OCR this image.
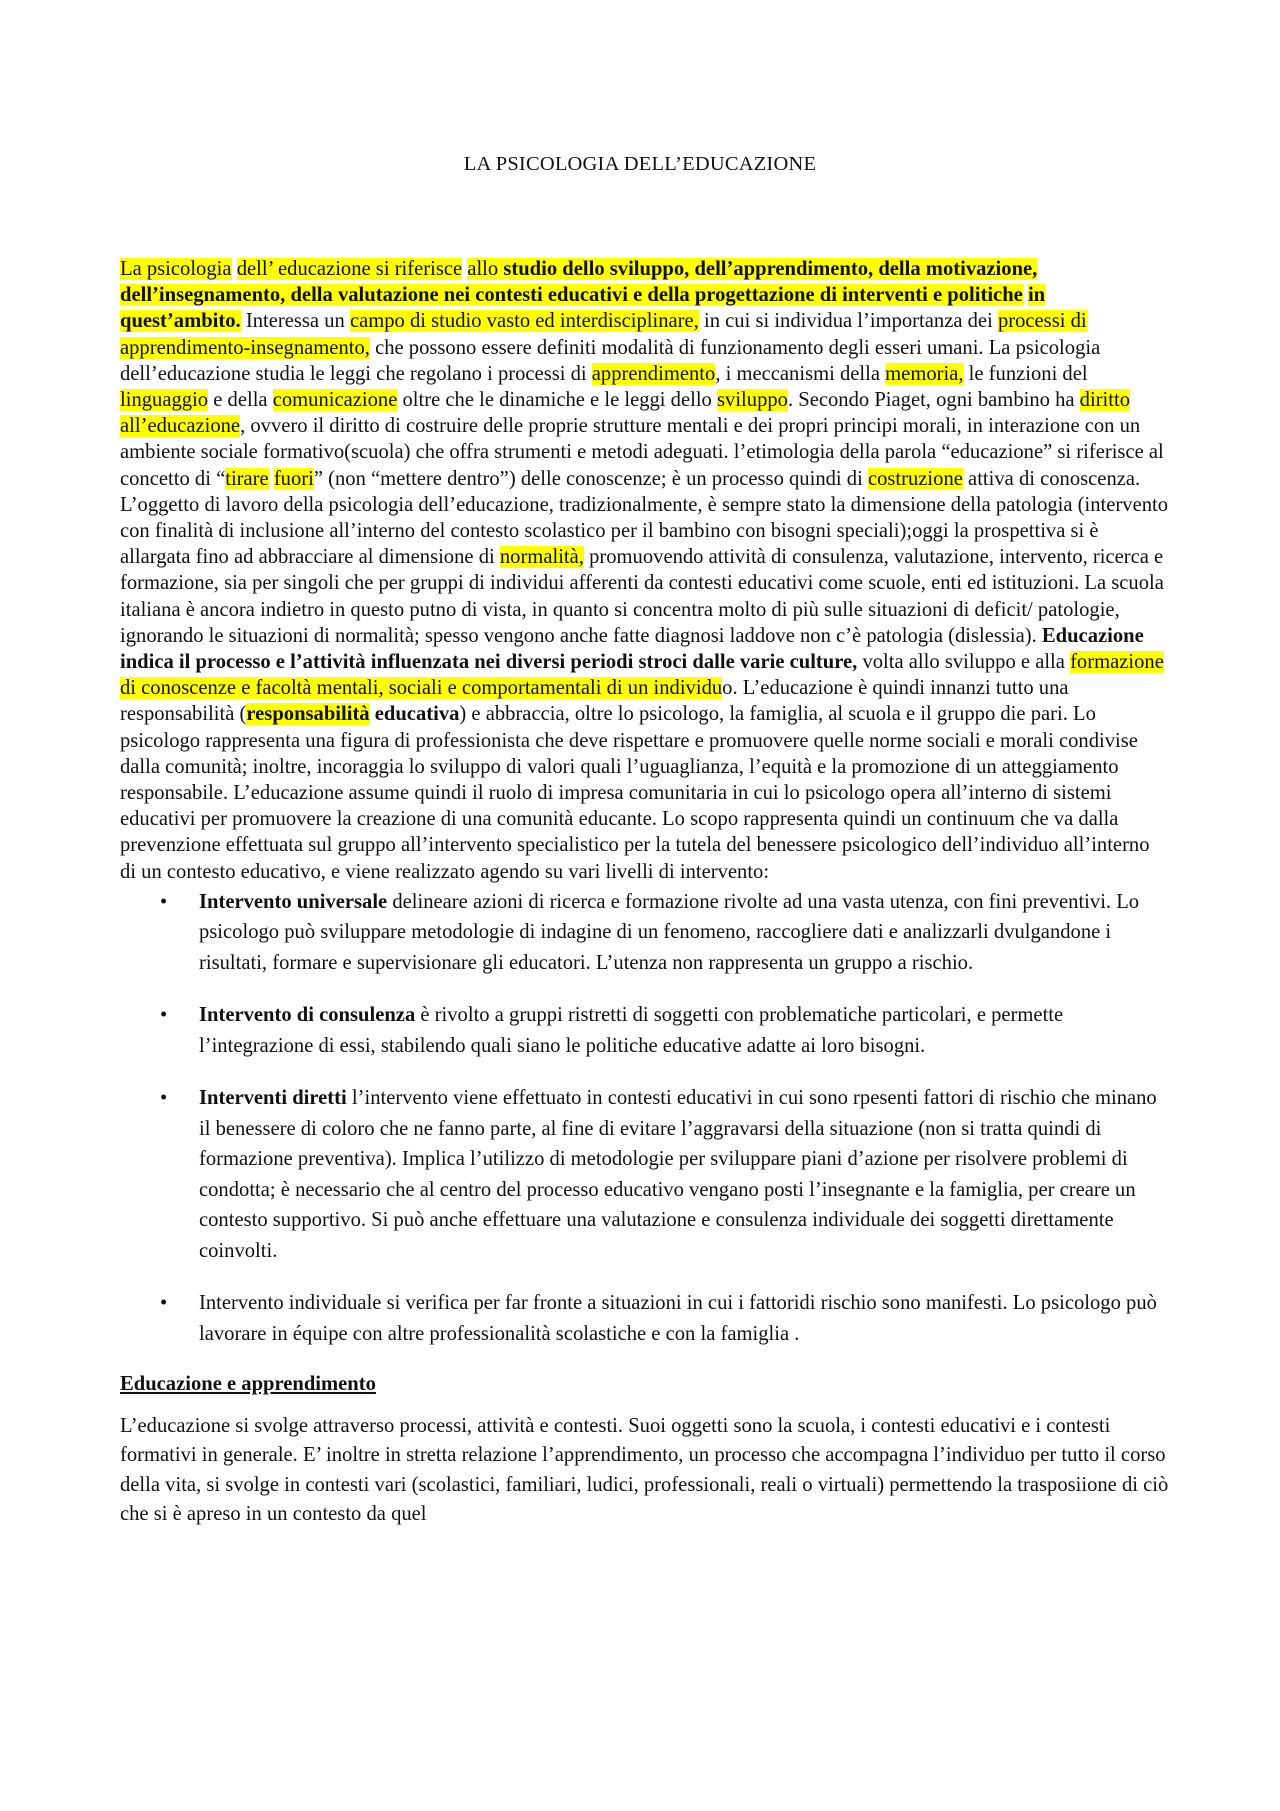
LA PSICOLOGIA DELL’EDUCAZIONE

La psicologia dell’ educazione si riferisce allo studio dello sviluppo, dell’apprendimento, della motivazione, dell’insegnamento, della valutazione nei contesti educativi e della progettazione di interventi e politiche in quest’ambito. Interessa un campo di studio vasto ed interdisciplinare, in cui si individua l’importanza dei processi di apprendimento-insegnamento, che possono essere definiti modalità di funzionamento degli esseri umani. La psicologia dell’educazione studia le leggi che regolano i processi di apprendimento, i meccanismi della memoria, le funzioni del linguaggio e della comunicazione oltre che le dinamiche e le leggi dello sviluppo. Secondo Piaget, ogni bambino ha diritto all’educazione, ovvero il diritto di costruire delle proprie strutture mentali e dei propri principi morali, in interazione con un ambiente sociale formativo(scuola) che offra strumenti e metodi adeguati. l’etimologia della parola “educazione” si riferisce al concetto di “tirare fuori” (non “mettere dentro”) delle conoscenze; è un processo quindi di costruzione attiva di conoscenza. L’oggetto di lavoro della psicologia dell’educazione, tradizionalmente, è sempre stato la dimensione della patologia (intervento con finalità di inclusione all’interno del contesto scolastico per il bambino con bisogni speciali);oggi la prospettiva si è allargata fino ad abbracciare al dimensione di normalità, promuovendo attività di consulenza, valutazione, intervento, ricerca e formazione, sia per singoli che per gruppi di individui afferenti da contesti educativi come scuole, enti ed istituzioni. La scuola italiana è ancora indietro in questo putno di vista, in quanto si concentra molto di più sulle situazioni di deficit/ patologie, ignorando le situazioni di normalità; spesso vengono anche fatte diagnosi laddove non c’è patologia (dislessia). Educazione indica il processo e l’attività influenzata nei diversi periodi stroci dalle varie culture, volta allo sviluppo e alla formazione di conoscenze e facoltà mentali, sociali e comportamentali di un individuo. L’educazione è quindi innanzi tutto una responsabilità (responsabilità educativa) e abbraccia, oltre lo psicologo, la famiglia, al scuola e il gruppo die pari. Lo psicologo rappresenta una figura di professionista che deve rispettare e promuovere quelle norme sociali e morali condivise dalla comunità; inoltre, incoraggia lo sviluppo di valori quali l’uguaglianza, l’equità e la promozione di un atteggiamento responsabile. L’educazione assume quindi il ruolo di impresa comunitaria in cui lo psicologo opera all’interno di sistemi educativi per promuovere la creazione di una comunità educante. Lo scopo rappresenta quindi un continuum che va dalla prevenzione effettuata sul gruppo all’intervento specialistico per la tutela del benessere psicologico dell’individuo all’interno di un contesto educativo, e viene realizzato agendo su vari livelli di intervento:

• Intervento universale delineare azioni di ricerca e formazione rivolte ad una vasta utenza, con fini preventivi. Lo psicologo può sviluppare metodologie di indagine di un fenomeno, raccogliere dati e analizzarli dvulgandone i risultati, formare e supervisionare gli educatori. L’utenza non rappresenta un gruppo a rischio.
• Intervento di consulenza è rivolto a gruppi ristretti di soggetti con problematiche particolari, e permette l’integrazione di essi, stabilendo quali siano le politiche educative adatte ai loro bisogni.
• Interventi diretti l’intervento viene effettuato in contesti educativi in cui sono rpesenti fattori di rischio che minano il benessere di coloro che ne fanno parte, al fine di evitare l’aggravarsi della situazione (non si tratta quindi di formazione preventiva). Implica l’utilizzo di metodologie per sviluppare piani d’azione per risolvere problemi di condotta; è necessario che al centro del processo educativo vengano posti l’insegnante e la famiglia, per creare un contesto supportivo. Si può anche effettuare una valutazione e consulenza individuale dei soggetti direttamente coinvolti.
• Intervento individuale si verifica per far fronte a situazioni in cui i fattoridi rischio sono manifesti. Lo psicologo può lavorare in équipe con altre professionalità scolastiche e con la famiglia .
Educazione e apprendimento

L’educazione si svolge attraverso processi, attività e contesti. Suoi oggetti sono la scuola, i contesti educativi e i contesti formativi in generale. E’ inoltre in stretta relazione l’apprendimento, un processo che accompagna l’individuo per tutto il corso della vita, si svolge in contesti vari (scolastici, familiari, ludici, professionali, reali o virtuali) permettendo la trasposiione di ciò che si è apreso in un contesto da quel
